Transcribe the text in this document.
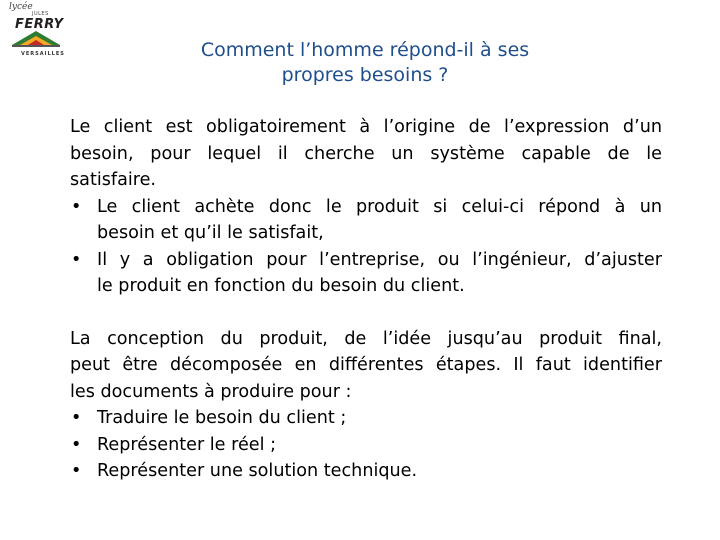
lycée
JULES
FERRY
VERSAILLES	Comment l’homme répond-il à ses
propres besoins ?
Le client est obligatoirement à l’origine de l’expression d’un
besoin, pour lequel il cherche un système capable de le
satisfaire.
• Le client achète donc le produit si celui-ci répond à un
besoin et qu’il le satisfait,
• Il y a obligation pour l’entreprise, ou l’ingénieur, d’ajuster
le produit en fonction du besoin du client.
La conception du produit, de l’idée jusqu’au produit final,
peut être décomposée en différentes étapes. Il faut identifier
les documents à produire pour :
• Traduire le besoin du client ;
• Représenter le réel ;
• Représenter une solution technique.
